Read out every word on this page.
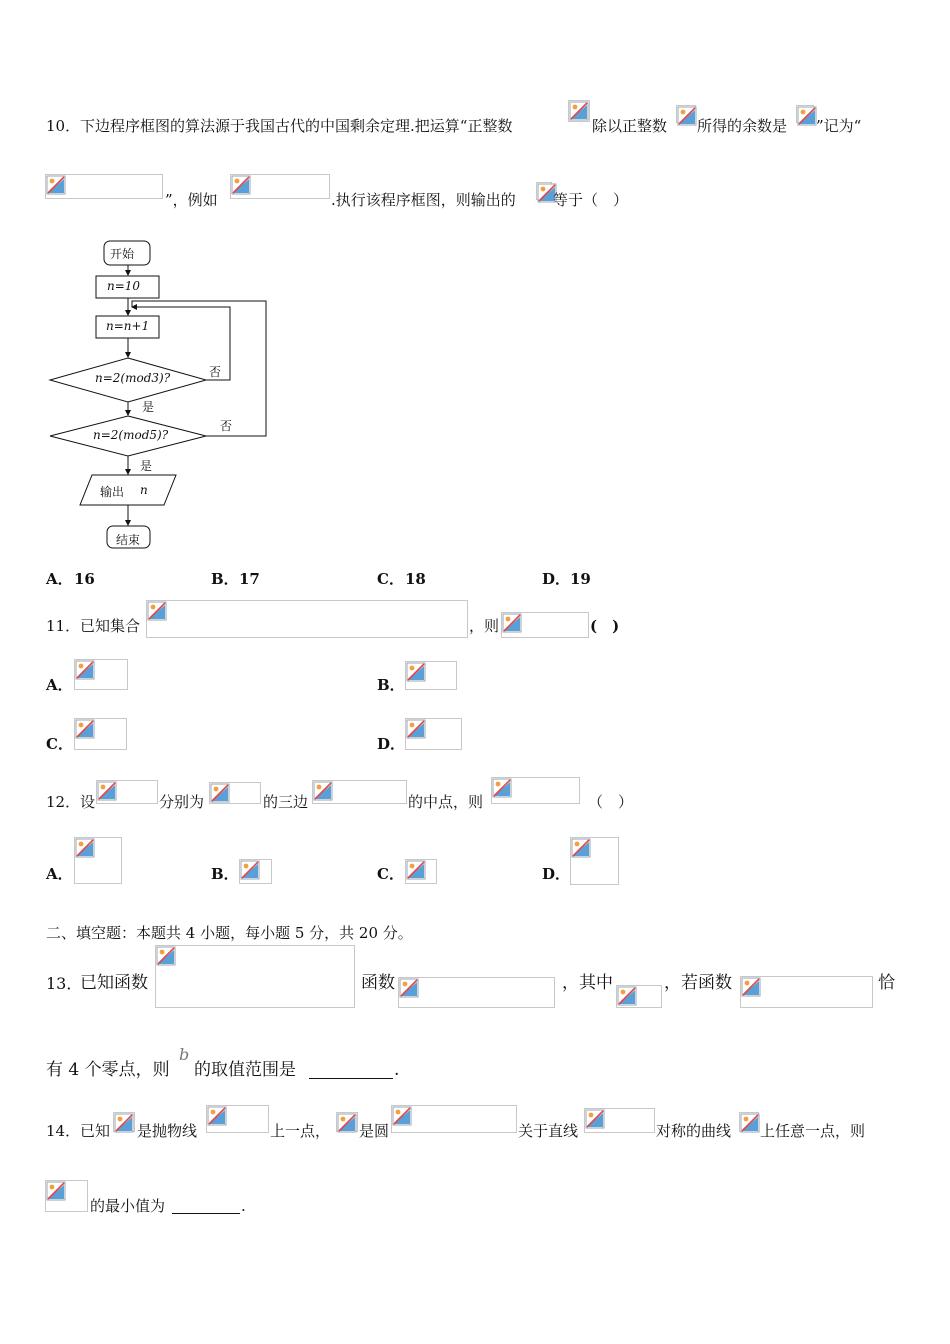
10． 下边程序框图的算法源于我国古代的中国剩余定理.把运算“正整数	除以正整数 所得的余数是 ”记为“
”，例如	.执行该程序框图，则输出的 等于（　）
开始
n=10
n=n+1
n=2(mod3)?	否
是
n=2(mod5)?
否
是
输出 n
结束
A． 16	B． 17	C． 18	D． 19
11． 已知集合	，则	(　)
A．	B．
C．	D．
12． 设	分别为	的三边	的中点，则	（　）
A．	B．	C．	D．
二、填空题：本题共 4 小题，每小题 5 分，共 20 分。
13．
已知函数	函数	，其中	，若函数	恰
有 4 个零点，则
b
的取值范围是	.
14． 已知 是抛物线	上一点， 是圆	关于直线	对称的曲线 上任意一点，则
的最小值为	.
